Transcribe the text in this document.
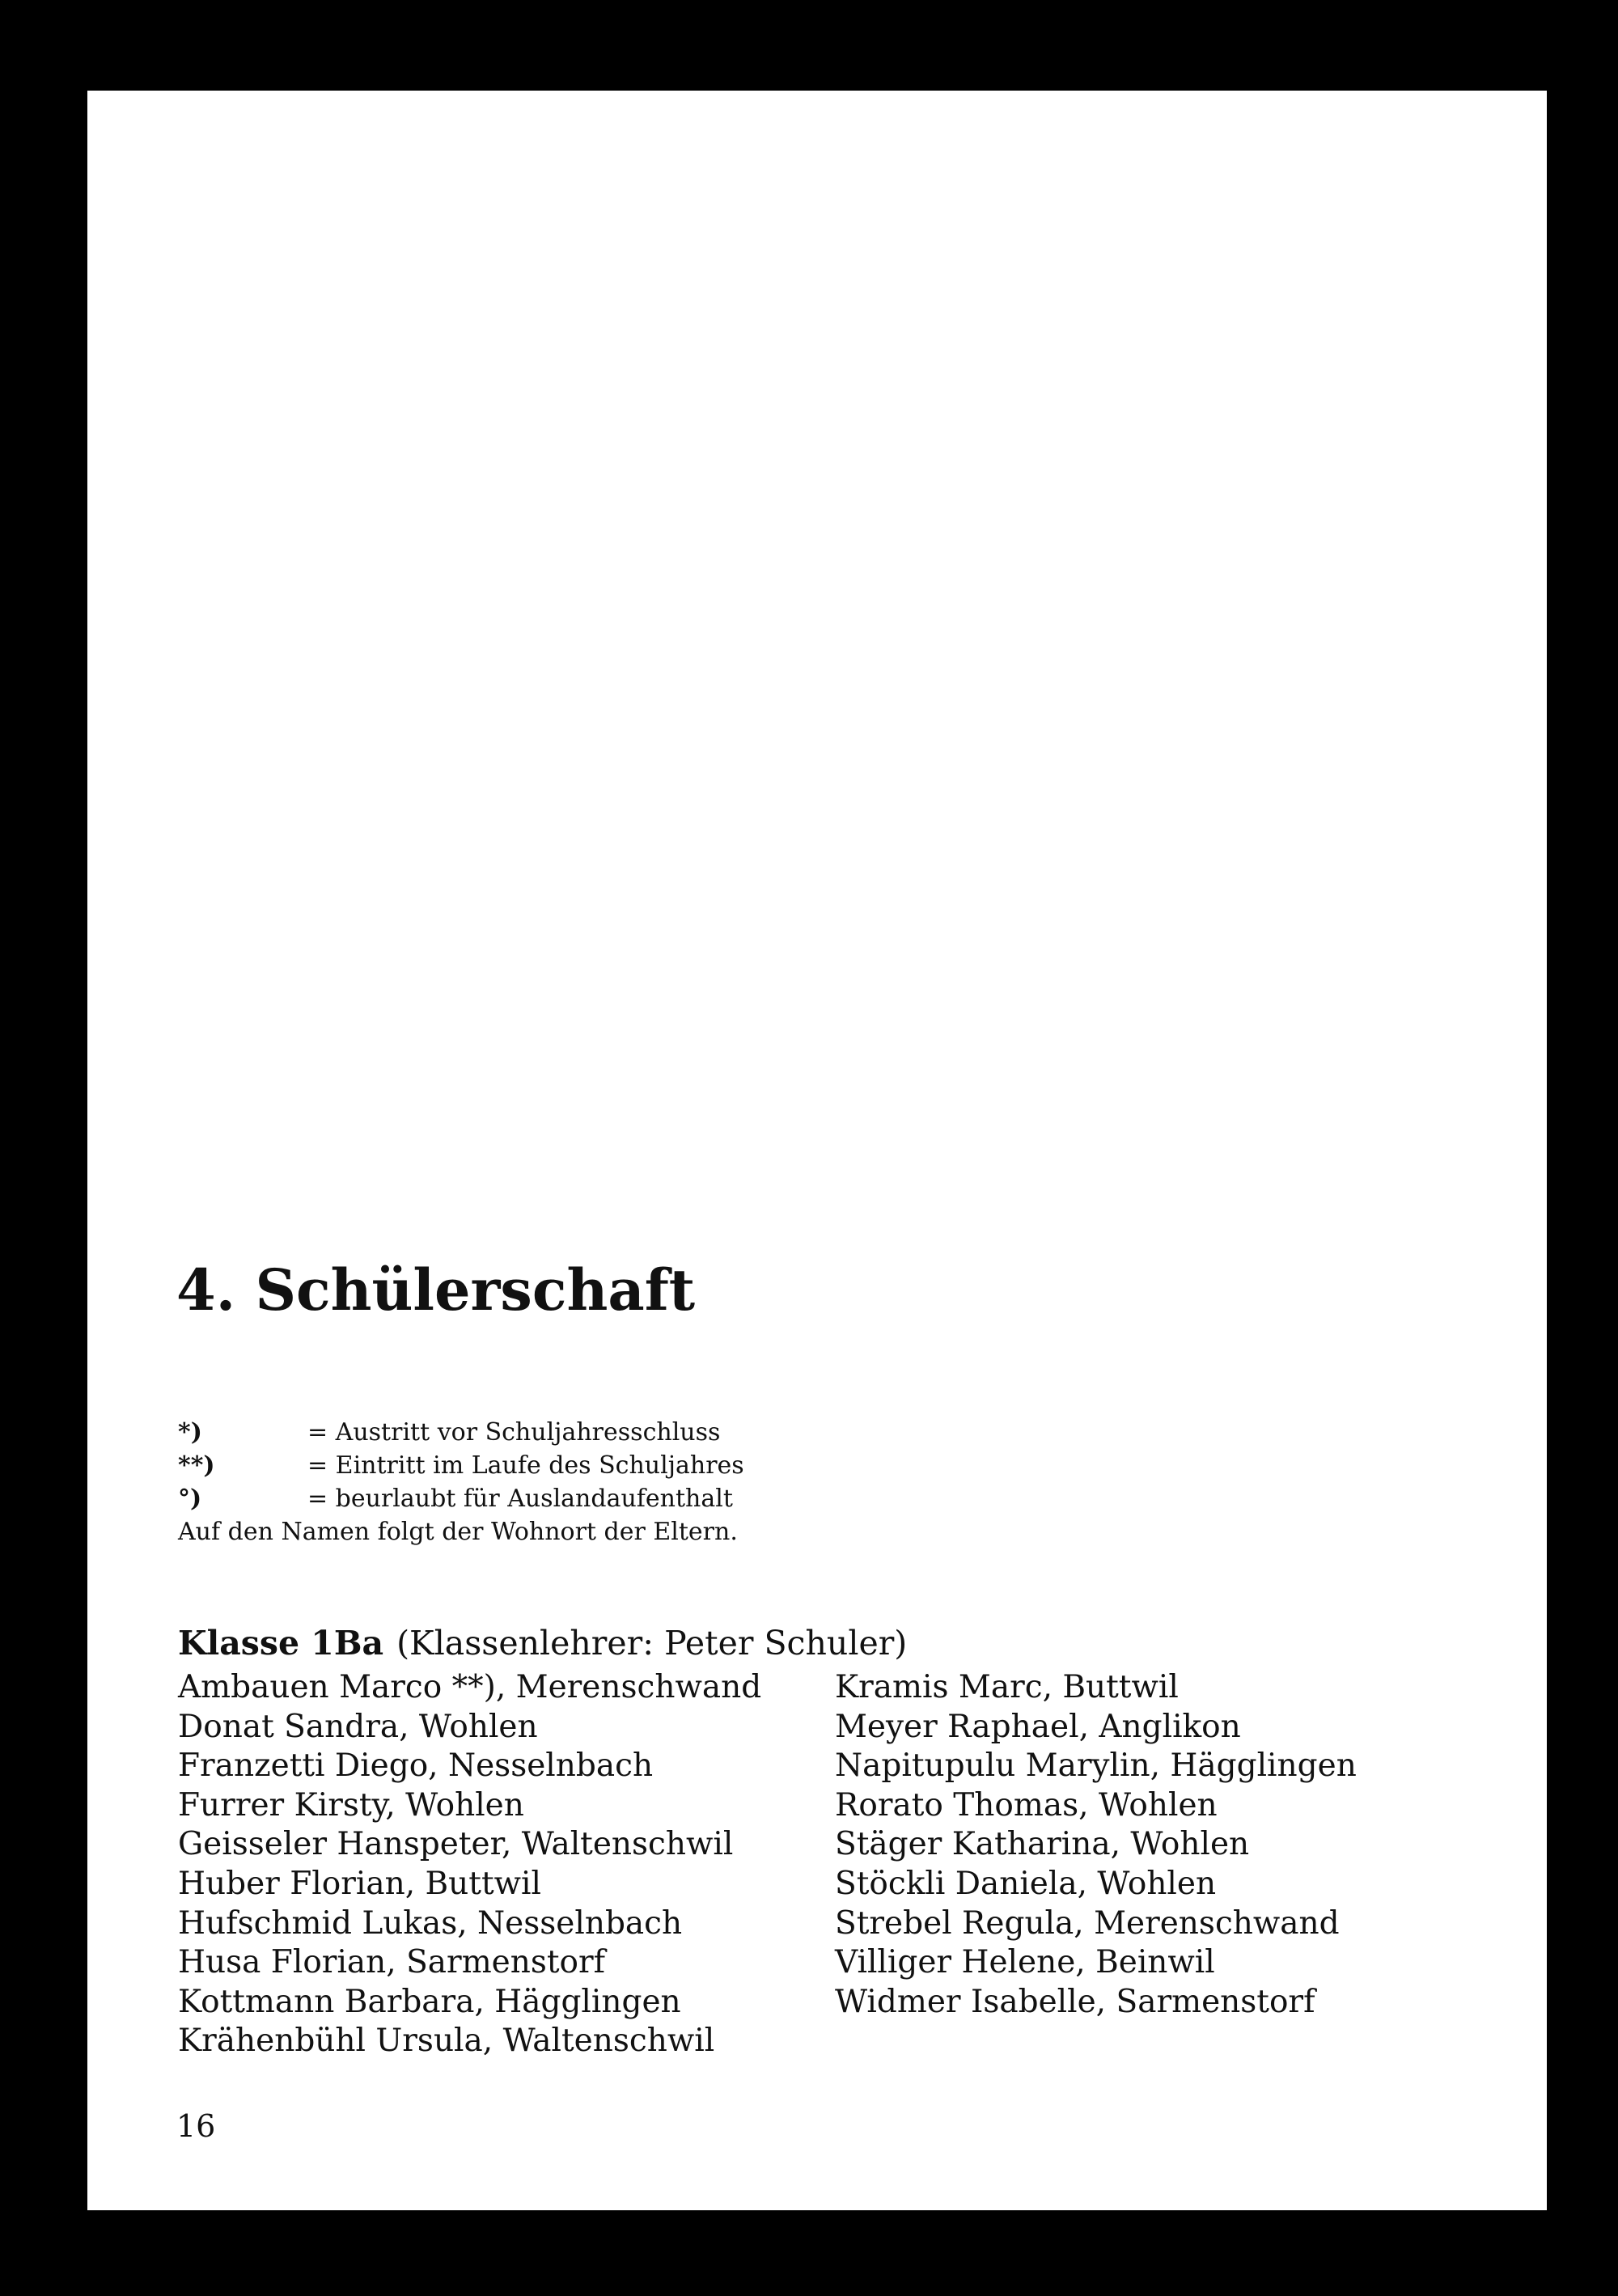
4. Schülerschaft
*)	= Austritt vor Schuljahresschluss
**)	= Eintritt im Laufe des Schuljahres
°)	= beurlaubt für Auslandaufenthalt
Auf den Namen folgt der Wohnort der Eltern.
Klasse 1Ba (Klassenlehrer: Peter Schuler)
Ambauen Marco **), Merenschwand
Donat Sandra, Wohlen
Franzetti Diego, Nesselnbach
Furrer Kirsty, Wohlen
Geisseler Hanspeter, Waltenschwil
Huber Florian, Buttwil
Hufschmid Lukas, Nesselnbach
Husa Florian, Sarmenstorf
Kottmann Barbara, Hägglingen
Krähenbühl Ursula, Waltenschwil
Kramis Marc, Buttwil
Meyer Raphael, Anglikon
Napitupulu Marylin, Hägglingen
Rorato Thomas, Wohlen
Stäger Katharina, Wohlen
Stöckli Daniela, Wohlen
Strebel Regula, Merenschwand
Villiger Helene, Beinwil
Widmer Isabelle, Sarmenstorf
16
